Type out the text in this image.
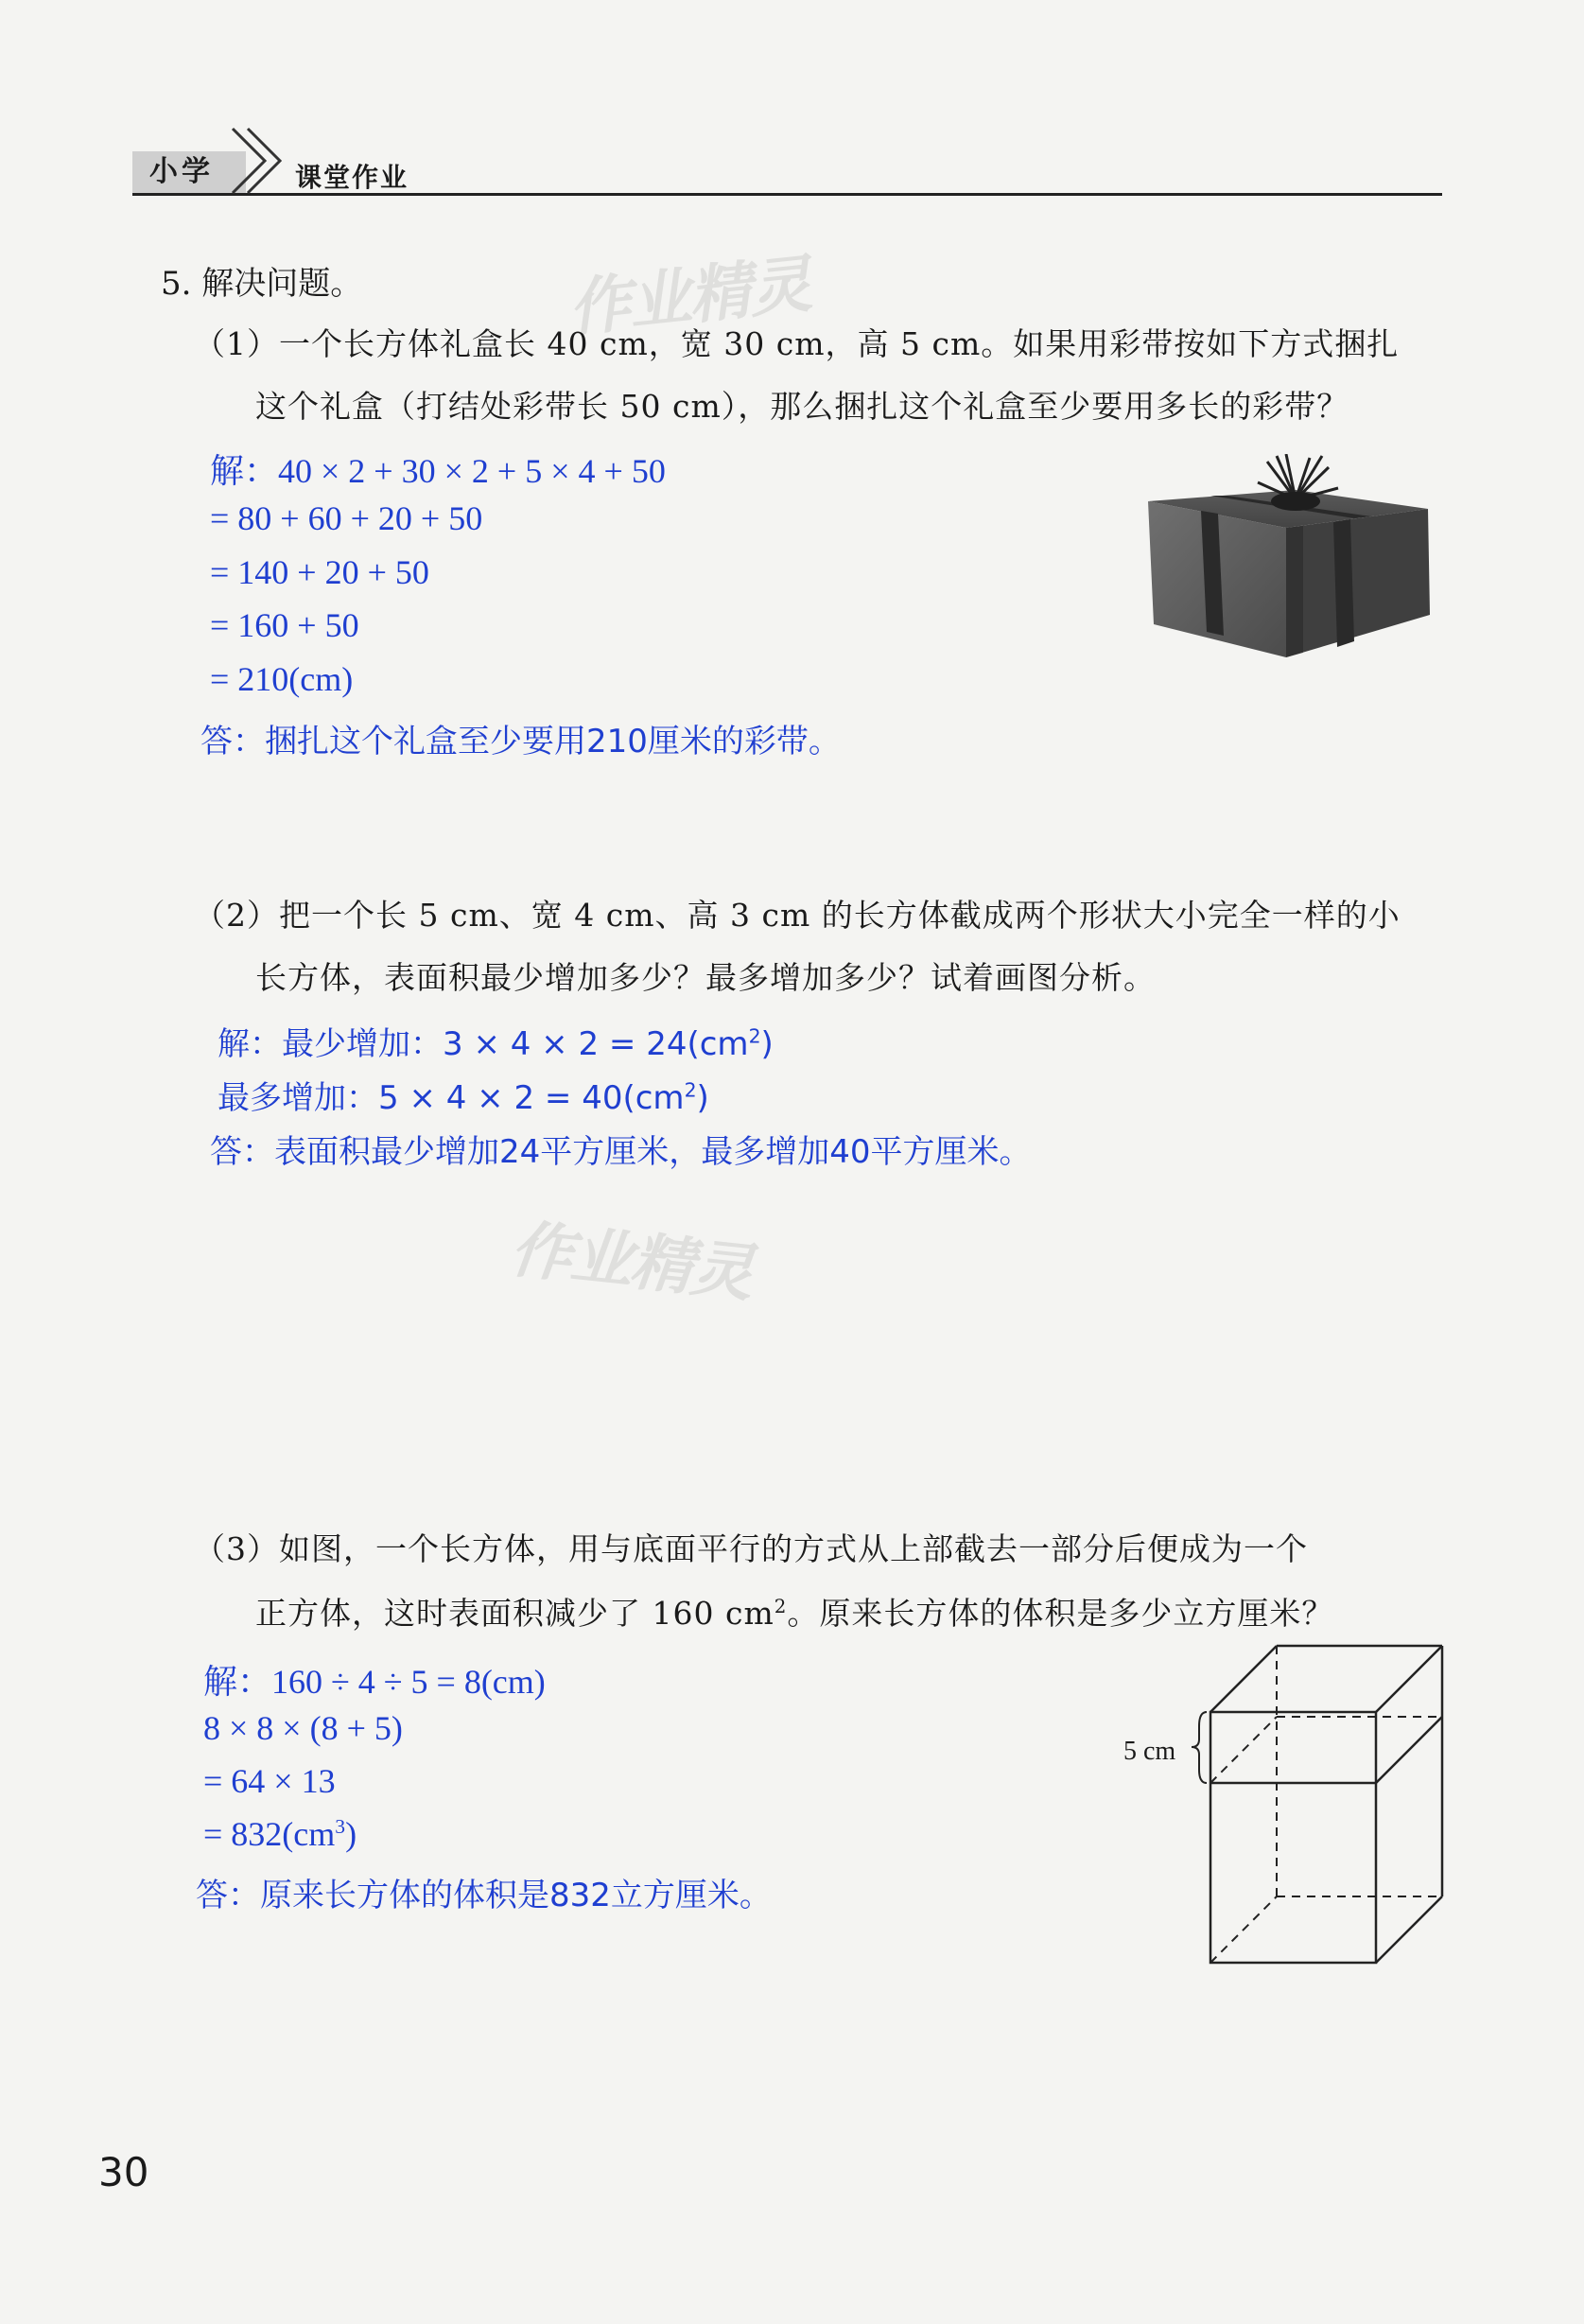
小学	课堂作业
作业精灵
作业精灵
5. 解决问题。
（1）一个长方体礼盒长 40 cm，宽 30 cm，高 5 cm。如果用彩带按如下方式捆扎
这个礼盒（打结处彩带长 50 cm），那么捆扎这个礼盒至少要用多长的彩带？
解：40 × 2 + 30 × 2 + 5 × 4 + 50
= 80 + 60 + 20 + 50
= 140 + 20 + 50
= 160 + 50
= 210(cm)
答：捆扎这个礼盒至少要用210厘米的彩带。
（2）把一个长 5 cm、宽 4 cm、高 3 cm 的长方体截成两个形状大小完全一样的小
长方体，表面积最少增加多少？最多增加多少？试着画图分析。
解：最少增加：$3 \times 4 \times 2 = 24(cm^2)$
最多增加：$5 \times 4 \times 2 = 40(cm^2)$
答：表面积最少增加24平方厘米，最多增加40平方厘米。
（3）如图，一个长方体，用与底面平行的方式从上部截去一部分后便成为一个
正方体，这时表面积减少了 160 $cm^2$。原来长方体的体积是多少立方厘米？
解：160 ÷ 4 ÷ 5 = 8(cm)
8 × 8 × (8 + 5)
= 64 × 13
= $832(cm^3)$
答：原来长方体的体积是832立方厘米。
5 cm
30
